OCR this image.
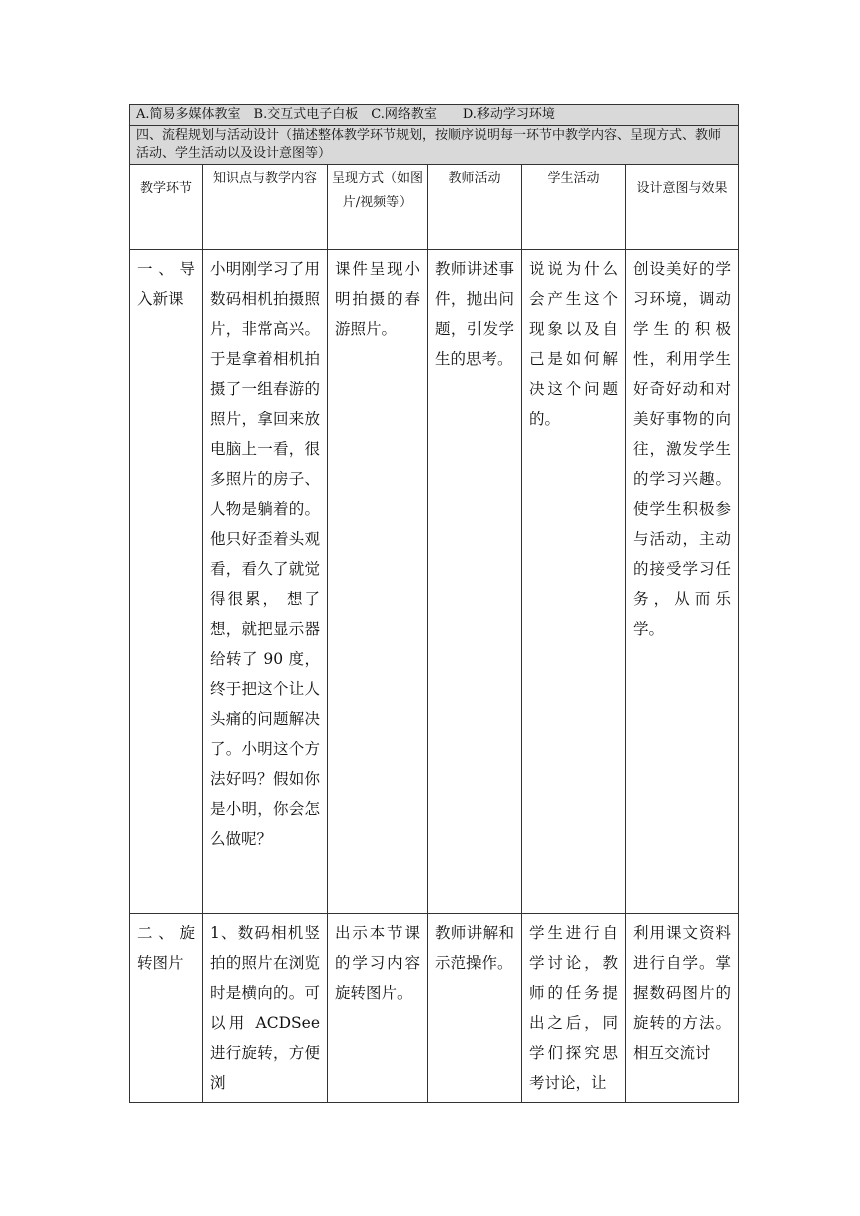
A.简易多媒体教室　B.交互式电子白板　C.网络教室　　D.移动学习环境					
四、流程规划与活动设计（描述整体教学环节规划，按顺序说明每一环节中教学内容、呈现方式、教师活动、学生活动以及设计意图等）					
教学环节	知识点与教学内容	呈现方式（如图片/视频等）	教师活动	学生活动	设计意图与效果
一、导入新课	小明刚学习了用数码相机拍摄照片，非常高兴。于是拿着相机拍摄了一组春游的照片，拿回来放电脑上一看，很多照片的房子、人物是躺着的。他只好歪着头观看，看久了就觉得很累， 想了想，就把显示器给转了 90 度，终于把这个让人头痛的问题解决了。小明这个方法好吗？假如你是小明，你会怎么做呢？	课件呈现小明拍摄的春游照片。	教师讲述事件，抛出问题，引发学生的思考。	说说为什么会产生这个现象以及自己是如何解决这个问题的。	创设美好的学习环境，调动学生的积极性，利用学生好奇好动和对美好事物的向往，激发学生的学习兴趣。使学生积极参与活动，主动的接受学习任务，从而乐学。
二、旋转图片	1、数码相机竖拍的照片在浏览时是横向的。可以用 ACDSee 进行旋转，方便浏	出示本节课的学习内容旋转图片。	教师讲解和示范操作。	学生进行自学讨论，教师的任务提出之后，同学们探究思考讨论，让	利用课文资料进行自学。掌握数码图片的旋转的方法。相互交流讨
